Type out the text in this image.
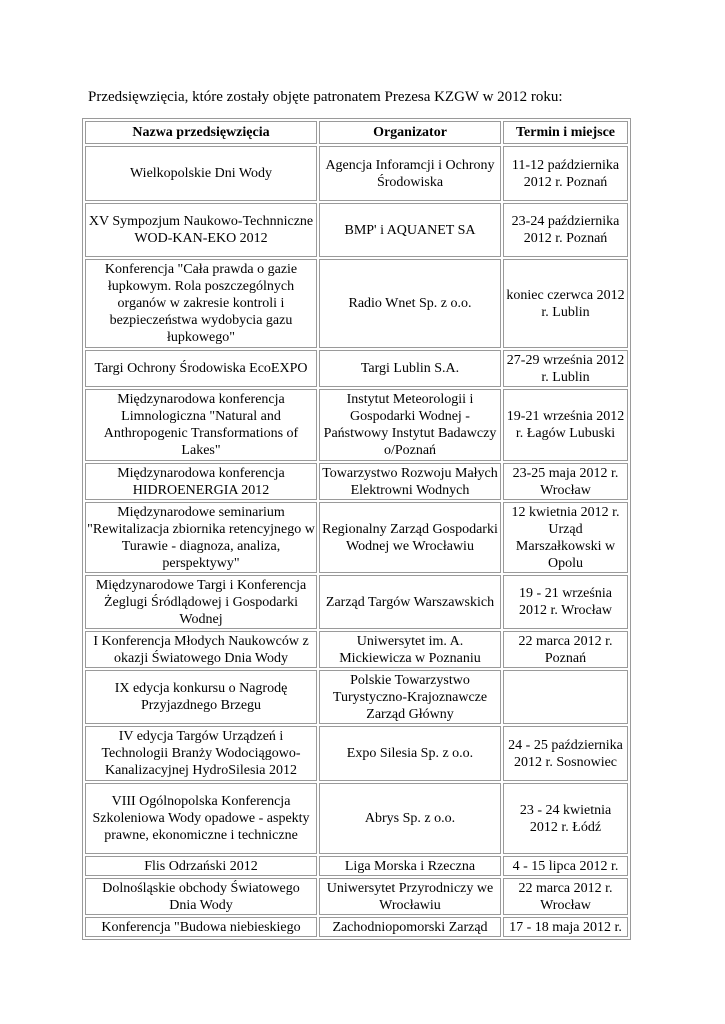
Przedsięwzięcia, które zostały objęte patronatem Prezesa KZGW w 2012 roku:
Nazwa przedsięwzięcia	Organizator	Termin i miejsce
Wielkopolskie Dni Wody	Agencja Inforamcji i Ochrony Środowiska	11-12 października 2012 r. Poznań
XV Sympozjum Naukowo-Technniczne WOD-KAN-EKO 2012	BMP' i AQUANET SA	23-24 października 2012 r. Poznań
Konferencja "Cała prawda o gazie łupkowym. Rola poszczególnych organów w zakresie kontroli i bezpieczeństwa wydobycia gazu łupkowego"	Radio Wnet Sp. z o.o.	koniec czerwca 2012 r. Lublin
Targi Ochrony Środowiska EcoEXPO	Targi Lublin S.A.	27-29 września 2012 r. Lublin
Międzynarodowa konferencja Limnologiczna "Natural and Anthropogenic Transformations of Lakes"	Instytut Meteorologii i Gospodarki Wodnej - Państwowy Instytut Badawczy o/Poznań	19-21 września 2012 r. Łagów Lubuski
Międzynarodowa konferencja HIDROENERGIA 2012	Towarzystwo Rozwoju Małych Elektrowni Wodnych	23-25 maja 2012 r. Wrocław
Międzynarodowe seminarium "Rewitalizacja zbiornika retencyjnego w Turawie - diagnoza, analiza, perspektywy"	Regionalny Zarząd Gospodarki Wodnej we Wrocławiu	12 kwietnia 2012 r. Urząd Marszałkowski w Opolu
Międzynarodowe Targi i Konferencja Żeglugi Śródlądowej i Gospodarki Wodnej	Zarząd Targów Warszawskich	19 - 21 września 2012 r. Wrocław
I Konferencja Młodych Naukowców z okazji Światowego Dnia Wody	Uniwersytet im. A. Mickiewicza w Poznaniu	22 marca 2012 r. Poznań
IX edycja konkursu o Nagrodę Przyjazdnego Brzegu	Polskie Towarzystwo Turystyczno-Krajoznawcze Zarząd Główny	
IV edycja Targów Urządzeń i Technologii Branży Wodociągowo-Kanalizacyjnej HydroSilesia 2012	Expo Silesia Sp. z o.o.	24 - 25 października 2012 r. Sosnowiec
VIII Ogólnopolska Konferencja Szkoleniowa Wody opadowe - aspekty prawne, ekonomiczne i techniczne	Abrys Sp. z o.o.	23 - 24 kwietnia 2012 r. Łódź
Flis Odrzański 2012	Liga Morska i Rzeczna	4 - 15 lipca 2012 r.
Dolnośląskie obchody Światowego Dnia Wody	Uniwersytet Przyrodniczy we Wrocławiu	22 marca 2012 r. Wrocław
Konferencja "Budowa niebieskiego	Zachodniopomorski Zarząd	17 - 18 maja 2012 r.
